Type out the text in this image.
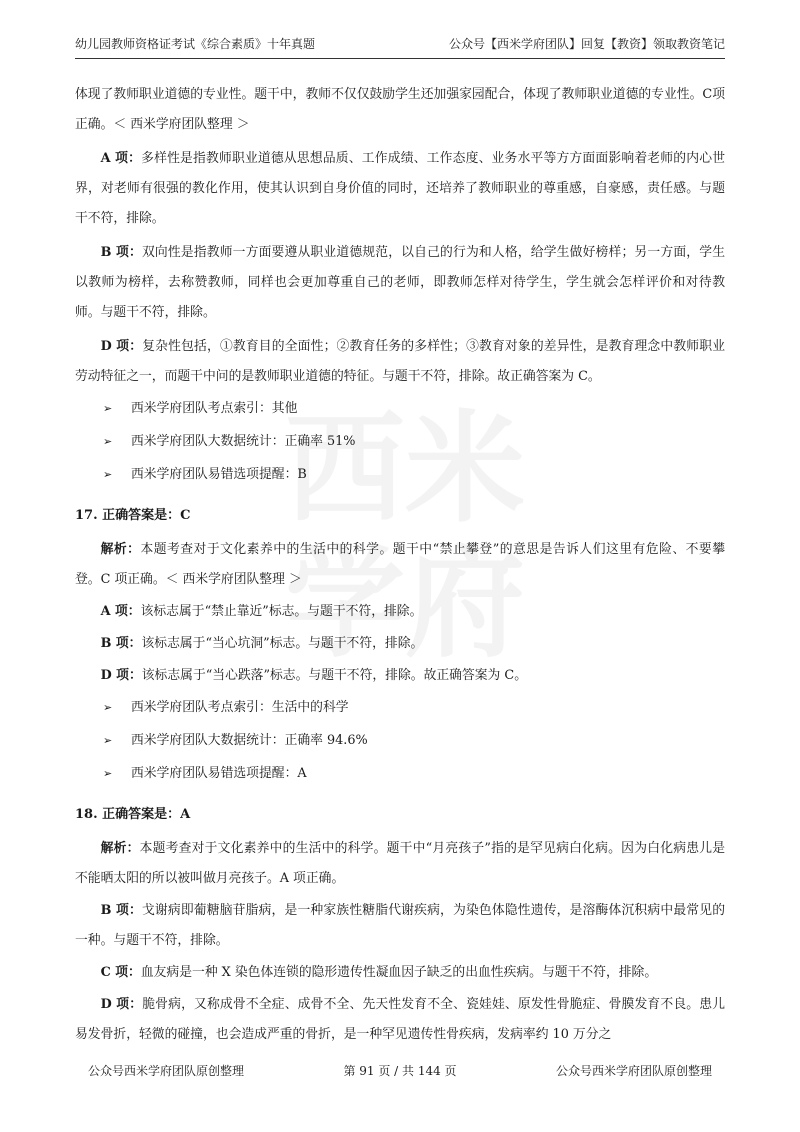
幼儿园教师资格证考试《综合素质》十年真题	公众号【西米学府团队】回复【教资】领取教资笔记

体现了教师职业道德的专业性。题干中，教师不仅仅鼓励学生还加强家园配合，体现了教师职业道德的专业性。C项正确。＜ 西米学府团队整理 ＞

A 项：多样性是指教师职业道德从思想品质、工作成绩、工作态度、业务水平等方方面面影响着老师的内心世界，对老师有很强的教化作用，使其认识到自身价值的同时，还培养了教师职业的尊重感，自豪感，责任感。与题干不符，排除。

B 项：双向性是指教师一方面要遵从职业道德规范，以自己的行为和人格，给学生做好榜样；另一方面，学生以教师为榜样，去称赞教师，同样也会更加尊重自己的老师，即教师怎样对待学生，学生就会怎样评价和对待教师。与题干不符，排除。

D 项：复杂性包括，①教育目的全面性；②教育任务的多样性；③教育对象的差异性，是教育理念中教师职业劳动特征之一，而题干中问的是教师职业道德的特征。与题干不符，排除。故正确答案为 C。

➢ 西米学府团队考点索引：其他

➢ 西米学府团队大数据统计：正确率 51%

➢ 西米学府团队易错选项提醒：B

17. 正确答案是：C

解析：本题考查对于文化素养中的生活中的科学。题干中“禁止攀登”的意思是告诉人们这里有危险、不要攀登。C 项正确。＜ 西米学府团队整理 ＞

A 项：该标志属于“禁止靠近”标志。与题干不符，排除。

B 项：该标志属于“当心坑洞”标志。与题干不符，排除。

D 项：该标志属于“当心跌落”标志。与题干不符，排除。故正确答案为 C。

➢ 西米学府团队考点索引：生活中的科学

➢ 西米学府团队大数据统计：正确率 94.6%

➢ 西米学府团队易错选项提醒：A

18. 正确答案是：A

解析：本题考查对于文化素养中的生活中的科学。题干中“月亮孩子”指的是罕见病白化病。因为白化病患儿是不能晒太阳的所以被叫做月亮孩子。A 项正确。

B 项：戈谢病即葡糖脑苷脂病，是一种家族性糖脂代谢疾病，为染色体隐性遗传，是溶酶体沉积病中最常见的一种。与题干不符，排除。

C 项：血友病是一种 X 染色体连锁的隐形遗传性凝血因子缺乏的出血性疾病。与题干不符，排除。

D 项：脆骨病，又称成骨不全症、成骨不全、先天性发育不全、瓷娃娃、原发性骨脆症、骨膜发育不良。患儿易发骨折，轻微的碰撞，也会造成严重的骨折，是一种罕见遗传性骨疾病，发病率约 10 万分之

公众号西米学府团队原创整理	第 91 页 / 共 144 页	公众号西米学府团队原创整理
